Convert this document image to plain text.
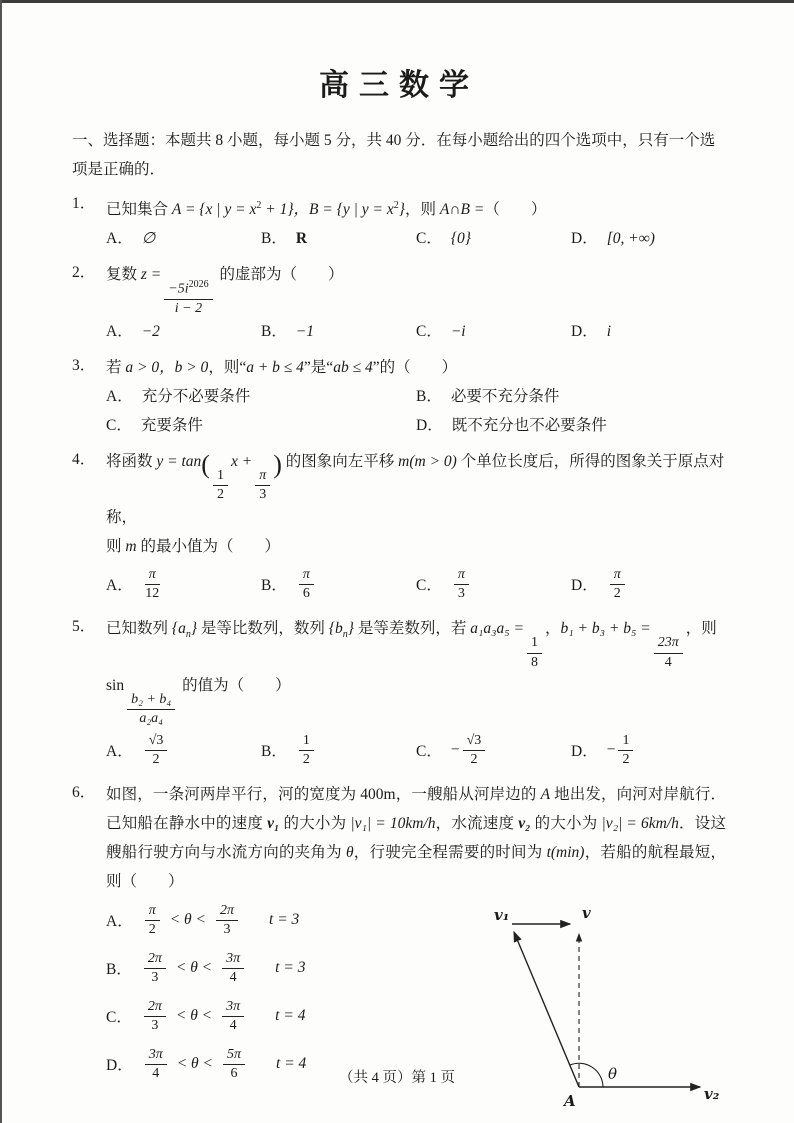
高三数学
一、选择题：本题共 8 小题，每小题 5 分，共 40 分．在每小题给出的四个选项中，只有一个选
项是正确的．
1． 已知集合 A = {x | $y = x^2 + 1$}，B = {y | $y = x^2$}，则 A∩B =（　　）
A． ∅	B． R	C． {0}	D． [0, +∞)
2． 复数 z =
$\frac{-5i^{2026}}{i - 2}$
的虚部为（　　）
A． −2	B． −1	C． −i	D． i
3． 若 a > 0，b > 0，则“a + b ≤ 4”是“ab ≤ 4”的（　　）
A． 充分不必要条件	B． 必要不充分条件
C． 充要条件	D． 既不充分也不必要条件
4． 将函数 y = tan(
$\frac{1}{2}$
x +
$\frac{\pi}{3}$
) 的图象向左平移 m(m > 0) 个单位长度后，所得的图象关于原点对称，
则 m 的最小值为（　　）
A． $\frac{\pi}{12}$	B． $\frac{\pi}{6}$	C． $\frac{\pi}{3}$	D． $\frac{\pi}{2}$
5． 已知数列 $\{a_n\}$ 是等比数列，数列 $\{b_n\}$ 是等差数列，若 a₁a₃a₅ =
$\frac{1}{8}$
，b₁ + b₃ + b₅ =
$\frac{23\pi}{4}$
，则
sin
$\frac{\text{b₂ + b₄}}{\text{a₂a₄}}$
的值为（　　）
A． $\frac{√3}{2}$	B． $\frac{1}{2}$	C． − $\frac{√3}{2}$	D． − $\frac{1}{2}$
6． 如图，一条河两岸平行，河的宽度为 400m，一艘船从河岸边的 A 地出发，向河对岸航行．已知船在静水中的速度 v₁ 的大小为 |v₁| = 10km/h，水流速度 v₂ 的大小为 |v₂| = 6km/h．设这艘船行驶方向与水流方向的夹角为 θ，行驶完全程需要的时间为 t(min)，若船的航程最短，则（　　）
A． $\frac{\pi}{2} < \theta < \frac{2\pi}{3}$ t = 3
B． $\frac{2\pi}{3} < \theta < \frac{3\pi}{4}$ t = 3
C． $\frac{2\pi}{3} < \theta < \frac{3\pi}{4}$ t = 4
D． $\frac{3\pi}{4} < \theta < \frac{5\pi}{6}$ t = 4
v₁	v
v₂
θ
A
（共 4 页）第 1 页
